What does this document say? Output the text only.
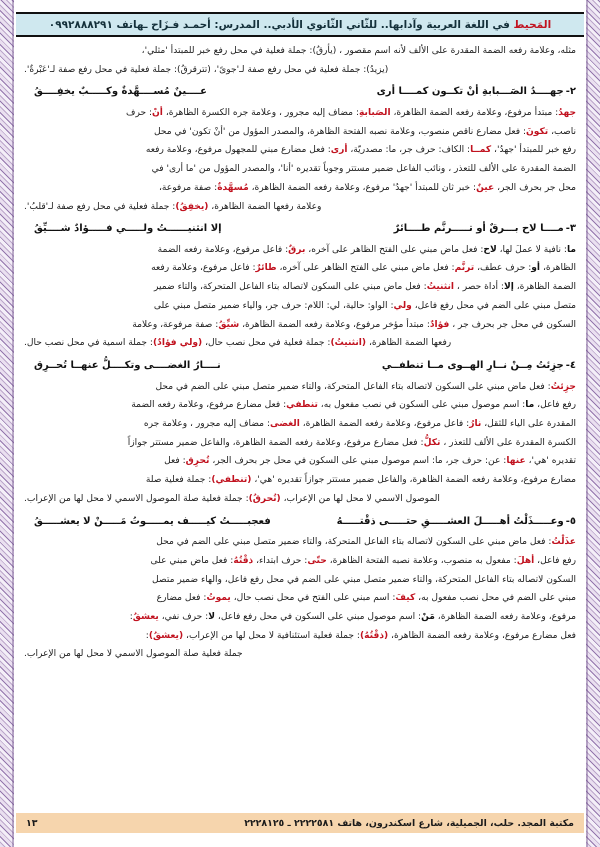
المَحيط في اللغة العربية وآدابها.. للثّاني الثّانوي الأدبي.. المدرس: أحمـد فـزَاح ـهاتف ٠٩٩٢٨٨٨٢٩١
مثله، وعلامة رفعه الضمة المقدرة على الألف لأنه اسم مقصور ، (يأرقُ): جملة فعلية في محل رفع خبر للمبتدأ 'مثلي'،
(يزيدُ): جملة فعلية في محل رفع صفة لـ'جوىً'، (تترقرقُ): جملة فعلية في محل رفع صفة لـ'عَبْرةٌ'.
٢-جهــــدُ الصَـــبابةِ أنْ تكــون كمــــا أرى
عــــينٌ مُســــهَّدةٌ وكـــــبٌ يخفِــــقُ
جهدُ: مبتدأ مرفوع، وعلامة رفعه الضمة الظاهرة، الصَبابةِ: مضاف إليه مجرور ، وعلامة جره الكسرة الظاهرة، أنْ: حرف
ناصب، تكونَ: فعل مضارع ناقص منصوب، وعلامة نصبه الفتحة الظاهرة، والمصدر المؤول من 'أنْ تكون' في محل
رفع خبر للمبتدأ 'جهدُ'، كمــا: الكاف: حرف جر، ما: مصدريّة، أرى: فعل مضارع مبني للمجهول مرفوع، وعلامة رفعه
الضمة المقدرة على الألف للتعذر ، ونائب الفاعل ضمير مستتر وجوباً تقديره 'أنا'، والمصدر المؤول من 'ما أرى' في
محل جر بحرف الجر، عينٌ: خبر ثان للمبتدأ 'جهدُ' مرفوع، وعلامة رفعه الضمة الظاهرة، مُسهَّدةٌ: صفة مرفوعة،
وعلامة رفعها الضمة الظاهرة، (يخفِقُ): جملة فعلية في محل رفع صفة لـ'قلبُ'.
٣-مــــا لاح بـــرقٌ أو تـــــرنَّم طــــائرٌ
إلا انثنيــــــتُ ولـــــي فـــــؤادٌ شــــيِّقُ
ما: نافية لا عملَ لها، لاح: فعل ماض مبني على الفتح الظاهر على آخره، برقٌ: فاعل مرفوع، وعلامة رفعه الضمة
الظاهرة، أو: حرف عطف، ترنَّم: فعل ماض مبني على الفتح الظاهر على آخره، طائرٌ: فاعل مرفوع، وعلامة رفعه
الضمة الظاهرة، إلا: أداة حصر ، انثنيتُ: فعل ماض مبني على السكون لاتصاله بتاء الفاعل المتحركة، والتاء ضمير
متصل مبني على الضم في محل رفع فاعل، ولي: الواو: حالية، لي: اللام: حرف جر، والياء ضمير متصل مبني على
السكون في محل جر بحرف جر ، فؤادٌ: مبتدأ مؤخر مرفوع، وعلامة رفعه الضمة الظاهرة، شيِّقُ: صفة مرفوعة، وعلامة
رفعها الضمة الظاهرة، (انثنيتُ): جملة فعلية في محل نصب حال، (ولي فؤادٌ): جملة اسمية في محل نصب حال.
٤-جزِئتُ مِــنْ نــارِ الهــوى مــا تنطفــي
نــــارُ الغضــــى وتكــــلُّ عنهــا تُحــرِق
جزِئتُ: فعل ماض مبني على السكون لاتصاله بتاء الفاعل المتحركة، والتاء ضمير متصل مبني على الضم في محل
رفع فاعل، ما: اسم موصول مبني على السكون في نصب مفعول به، تنطفي: فعل مضارع مرفوع، وعلامة رفعه الضمة
المقدرة على الياء للثقل، نارُ: فاعل مرفوع، وعلامة رفعه الضمة الظاهرة، الغضى: مضاف إليه مجرور ، وعلامة جره
الكسرة المقدرة على الألف للتعذر ، تكلُّ: فعل مضارع مرفوع، وعلامة رفعه الضمة الظاهرة، والفاعل ضمير مستتر جوازاً
تقديره 'هي'، عنها: عن: حرف جر، ما: اسم موصول مبني على السكون في محل جر بحرف الجر، تُحرِق: فعل
مضارع مرفوع، وعلامة رفعه الضمة الظاهرة، والفاعل ضمير مستتر جوازاً تقديره 'هي'، (تنطفي): جملة فعلية صلة
الموصول الاسمي لا محل لها من الإعراب، (تُحرقُ): جملة فعلية صلة الموصول الاسمي لا محل لها من الإعراب.
٥-وعـــــذَلْتُ أهـــــلَ العشـــــقِ حتـــــى ذقْتـــــهُ
فعجبـــــتُ كيـــــف يمـــــوتُ مَـــــنْ لا يعشـــــقُ
عذَلْتُ: فعل ماض مبني على السكون لاتصاله بتاء الفاعل المتحركة، والتاء ضمير متصل مبني على الضم في محل
رفع فاعل، أهلَ: مفعول به منصوب، وعلامة نصبه الفتحة الظاهرة، حتّى: حرف ابتداء، ذقْتُهُ: فعل ماض مبني على
السكون لاتصاله بتاء الفاعل المتحركة، والتاء ضمير متصل مبني على الضم في محل رفع فاعل، والهاء ضمير متصل
مبني على الضم في محل نصب مفعول به، كيفَ: اسم مبني على الفتح في محل نصب حال، يموتُ: فعل مضارع
مرفوع، وعلامة رفعه الضمة الظاهرة، مَنْ: اسم موصول مبني على السكون في محل رفع فاعل، لا: حرف نفي، يعشقُ:
فعل مضارع مرفوع، وعلامة رفعه الضمة الظاهرة، (ذقْتُهُ): جملة فعلية استئنافية لا محل لها من الإعراب، (يعشقُ):
جملة فعلية صلة الموصول الاسمي لا محل لها من الإعراب.
مكتبة المجد. حلب، الجميلية، شارع اسكندرون، هاتف ٢٢٢٢٥٨١ ـ ٢٢٢٨١٢٥
١٣
